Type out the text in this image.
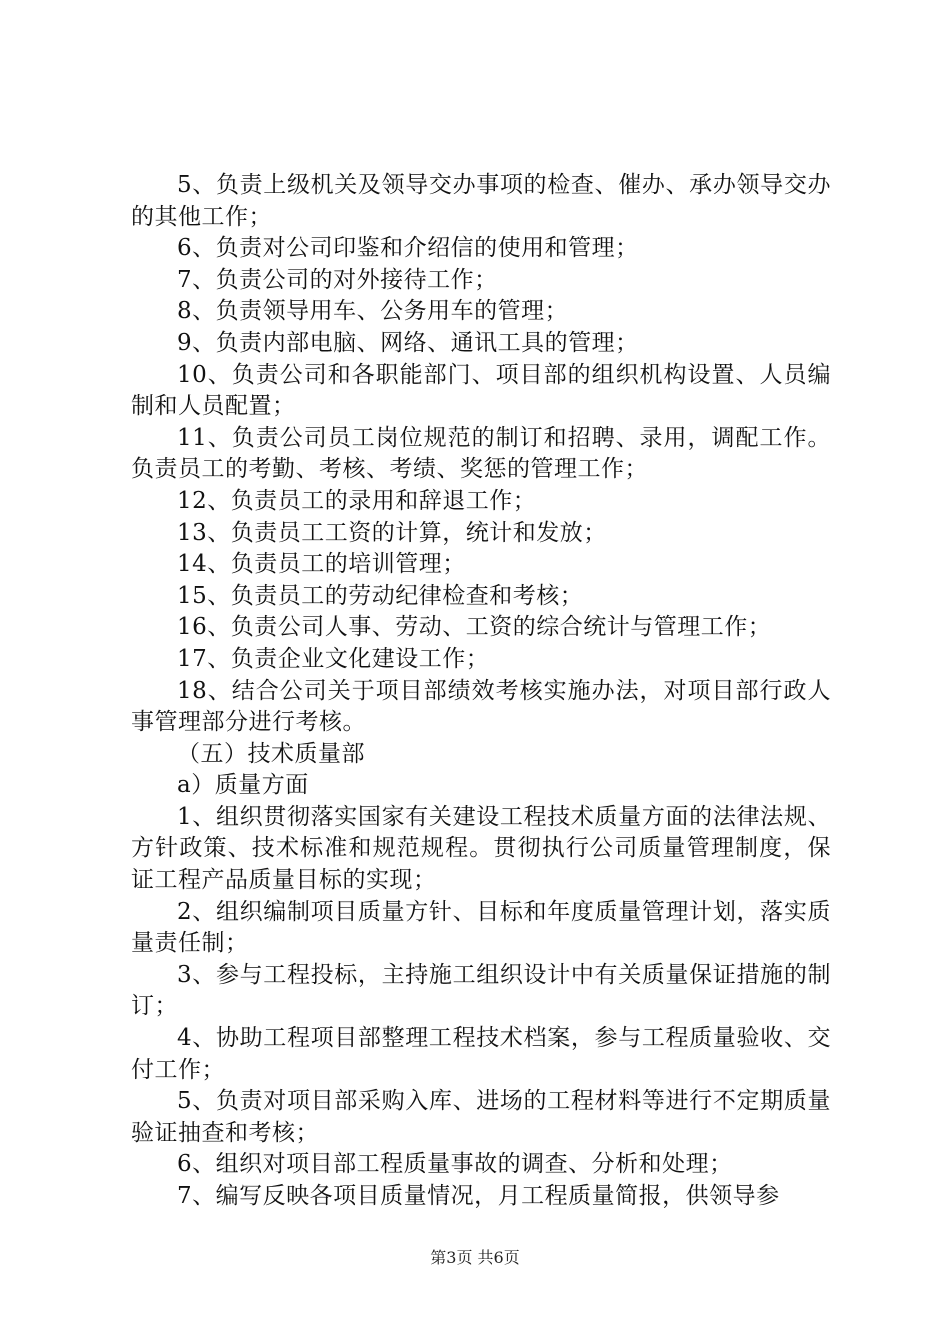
5、负责上级机关及领导交办事项的检查、催办、承办领导交办的其他工作；

6、负责对公司印鉴和介绍信的使用和管理；

7、负责公司的对外接待工作；

8、负责领导用车、公务用车的管理；

9、负责内部电脑、网络、通讯工具的管理；

10、负责公司和各职能部门、项目部的组织机构设置、人员编制和人员配置；

11、负责公司员工岗位规范的制订和招聘、录用，调配工作。负责员工的考勤、考核、考绩、奖惩的管理工作；

12、负责员工的录用和辞退工作；

13、负责员工工资的计算，统计和发放；

14、负责员工的培训管理；

15、负责员工的劳动纪律检查和考核；

16、负责公司人事、劳动、工资的综合统计与管理工作；

17、负责企业文化建设工作；

18、结合公司关于项目部绩效考核实施办法，对项目部行政人事管理部分进行考核。

（五）技术质量部

a）质量方面

1、组织贯彻落实国家有关建设工程技术质量方面的法律法规、方针政策、技术标准和规范规程。贯彻执行公司质量管理制度，保证工程产品质量目标的实现；

2、组织编制项目质量方针、目标和年度质量管理计划，落实质量责任制；

3、参与工程投标，主持施工组织设计中有关质量保证措施的制订；

4、协助工程项目部整理工程技术档案，参与工程质量验收、交付工作；

5、负责对项目部采购入库、进场的工程材料等进行不定期质量验证抽查和考核；

6、组织对项目部工程质量事故的调查、分析和处理；

7、编写反映各项目质量情况，月工程质量简报，供领导参

第3页 共6页
